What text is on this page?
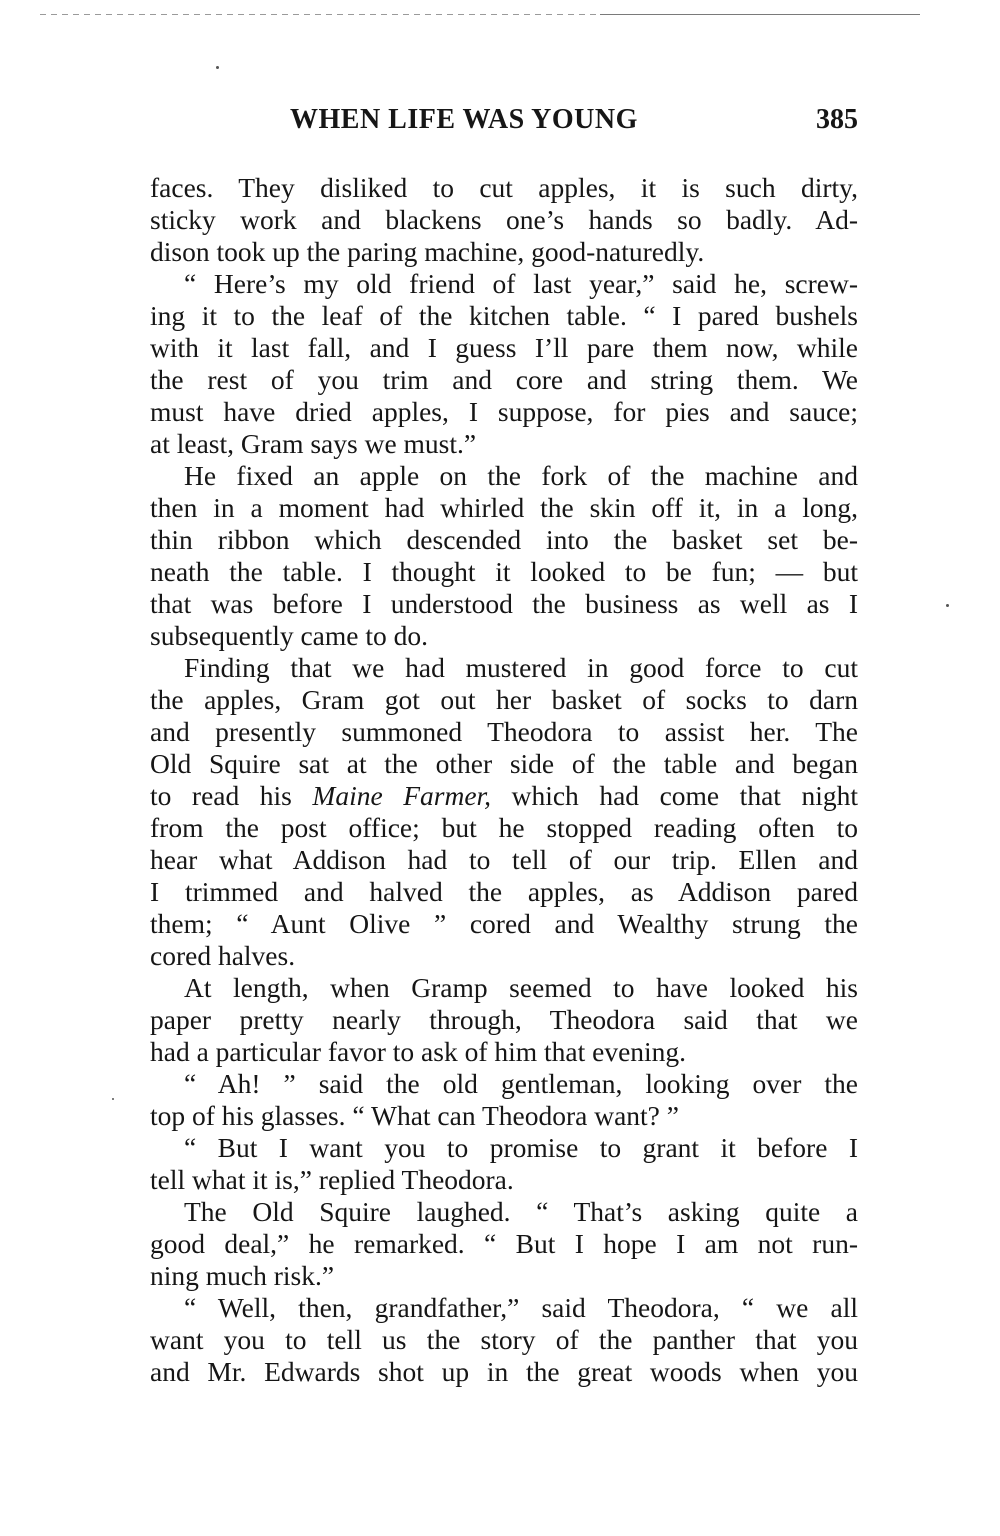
WHEN LIFE WAS YOUNG	385
faces. They disliked to cut apples, it is such dirty,
sticky work and blackens one’s hands so badly. Ad-
dison took up the paring machine, good-naturedly.
“ Here’s my old friend of last year,” said he, screw-
ing it to the leaf of the kitchen table. “ I pared bushels
with it last fall, and I guess I’ll pare them now, while
the rest of you trim and core and string them. We
must have dried apples, I suppose, for pies and sauce;
at least, Gram says we must.”
He fixed an apple on the fork of the machine and
then in a moment had whirled the skin off it, in a long,
thin ribbon which descended into the basket set be-
neath the table. I thought it looked to be fun; — but
that was before I understood the business as well as I
subsequently came to do.
Finding that we had mustered in good force to cut
the apples, Gram got out her basket of socks to darn
and presently summoned Theodora to assist her. The
Old Squire sat at the other side of the table and began
to read his Maine Farmer, which had come that night
from the post office; but he stopped reading often to
hear what Addison had to tell of our trip. Ellen and
I trimmed and halved the apples, as Addison pared
them; “ Aunt Olive ” cored and Wealthy strung the
cored halves.
At length, when Gramp seemed to have looked his
paper pretty nearly through, Theodora said that we
had a particular favor to ask of him that evening.
“ Ah! ” said the old gentleman, looking over the
top of his glasses. “ What can Theodora want? ”
“ But I want you to promise to grant it before I
tell what it is,” replied Theodora.
The Old Squire laughed. “ That’s asking quite a
good deal,” he remarked. “ But I hope I am not run-
ning much risk.”
“ Well, then, grandfather,” said Theodora, “ we all
want you to tell us the story of the panther that you
and Mr. Edwards shot up in the great woods when you
